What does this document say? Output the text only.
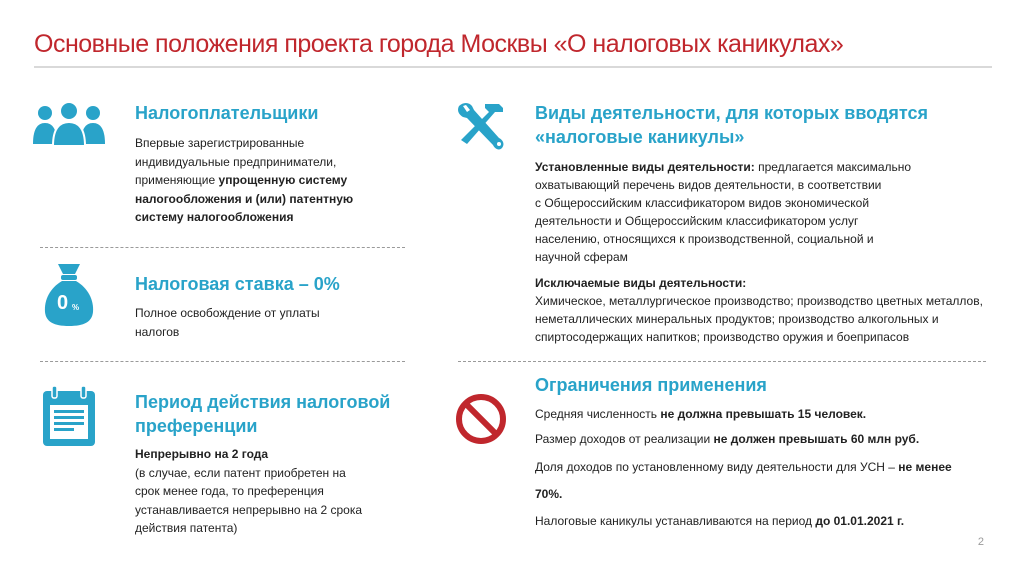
Основные положения проекта города Москвы «О налоговых каникулах»
Налогоплательщики
Впервые зарегистрированные
индивидуальные предприниматели,
применяющие упрощенную систему
налогообложения и (или) патентную
систему налогообложения
0 %
Налоговая ставка – 0%
Полное освобождение от уплаты
налогов
Период действия налоговой
преференции
Непрерывно на 2 года
(в случае, если патент приобретен на
срок менее года, то преференция
устанавливается непрерывно на 2 срока
действия патента)
Виды деятельности, для которых вводятся
«налоговые каникулы»
Установленные виды деятельности: предлагается максимально
охватывающий перечень видов деятельности, в соответствии
с Общероссийским классификатором видов экономической
деятельности и Общероссийским классификатором услуг
населению, относящихся к производственной, социальной и
научной сферам
Исключаемые виды деятельности:
Химическое, металлургическое производство; производство цветных металлов,
неметаллических минеральных продуктов; производство алкогольных и
спиртосодержащих напитков; производство оружия и боеприпасов
Ограничения применения
Средняя численность не должна превышать 15 человек.
Размер доходов от реализации не должен превышать 60 млн руб.
Доля доходов по установленному виду деятельности для УСН – не менее
70%.
Налоговые каникулы устанавливаются на период до 01.01.2021 г.
2
